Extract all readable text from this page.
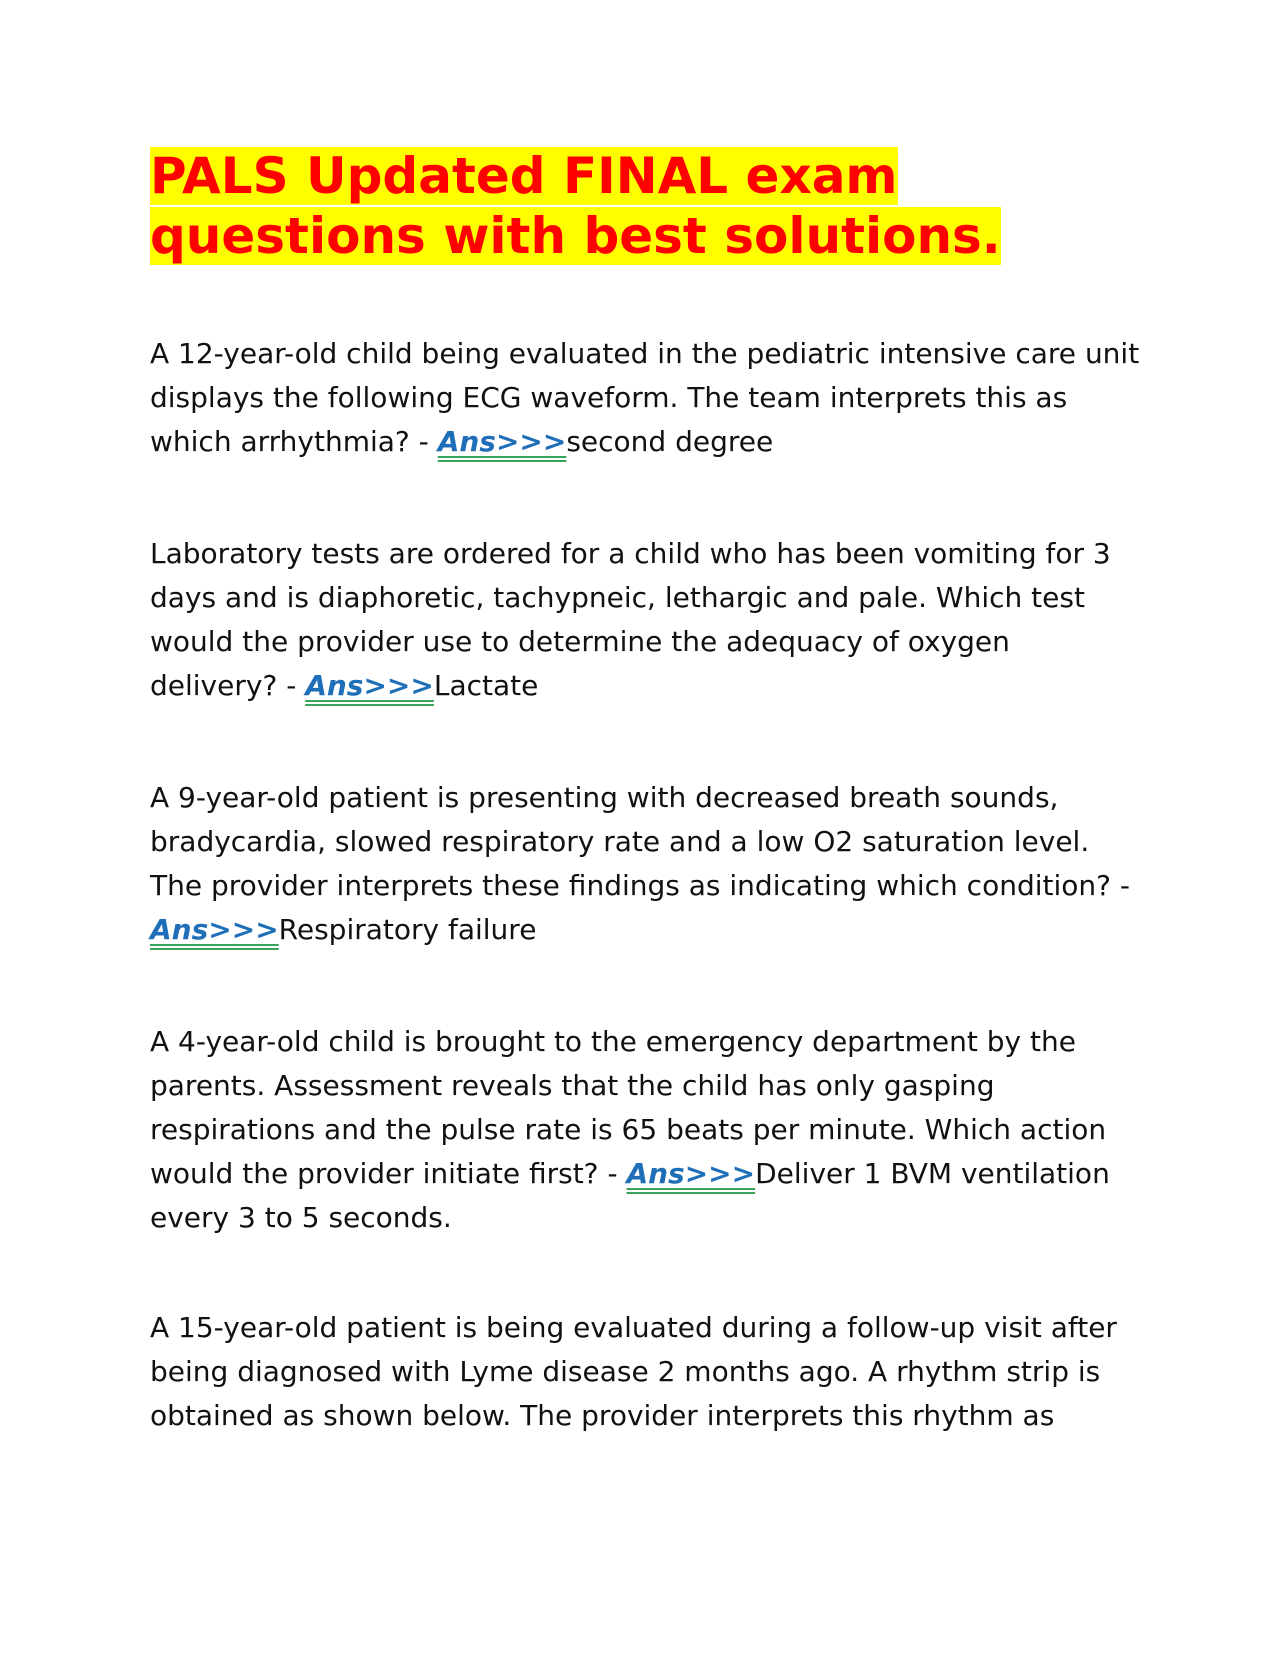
PALS Updated FINAL exam questions with best solutions.

A 12-year-old child being evaluated in the pediatric intensive care unit displays the following ECG waveform. The team interprets this as which arrhythmia? - Ans>>>second degree

Laboratory tests are ordered for a child who has been vomiting for 3 days and is diaphoretic, tachypneic, lethargic and pale. Which test would the provider use to determine the adequacy of oxygen delivery? - Ans>>>Lactate

A 9-year-old patient is presenting with decreased breath sounds, bradycardia, slowed respiratory rate and a low O2 saturation level. The provider interprets these findings as indicating which condition? - Ans>>>Respiratory failure

A 4-year-old child is brought to the emergency department by the parents. Assessment reveals that the child has only gasping respirations and the pulse rate is 65 beats per minute. Which action would the provider initiate first? - Ans>>>Deliver 1 BVM ventilation every 3 to 5 seconds.

A 15-year-old patient is being evaluated during a follow-up visit after being diagnosed with Lyme disease 2 months ago. A rhythm strip is obtained as shown below. The provider interprets this rhythm as
